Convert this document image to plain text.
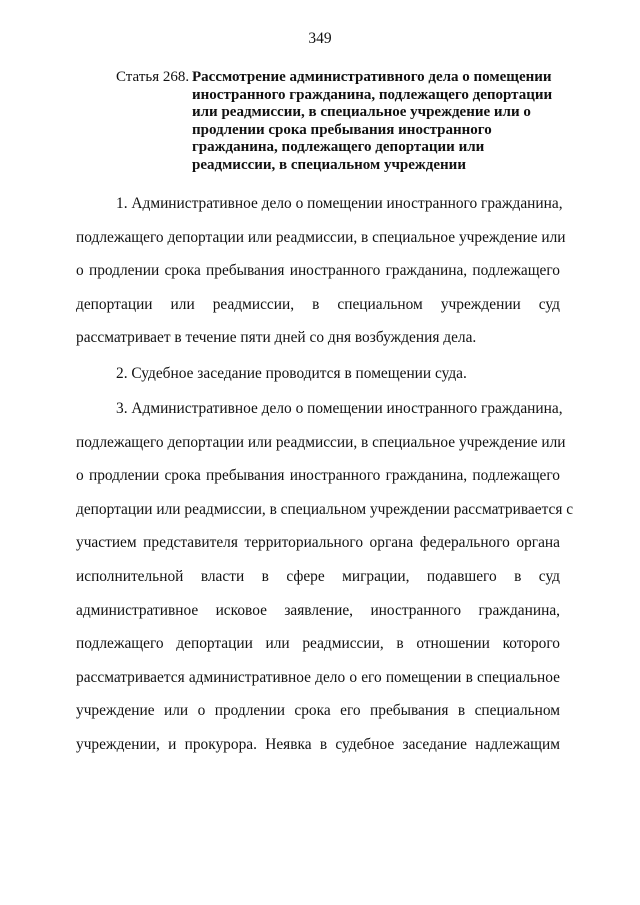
349
Статья 268. Рассмотрение административного дела о помещении
иностранного гражданина, подлежащего депортации
или реадмиссии, в специальное учреждение или о
продлении срока пребывания иностранного
гражданина, подлежащего депортации или
реадмиссии, в специальном учреждении
1. Административное дело о помещении иностранного гражданина,
подлежащего депортации или реадмиссии, в специальное учреждение или
о продлении срока пребывания иностранного гражданина, подлежащего
депортации или реадмиссии, в специальном учреждении суд
рассматривает в течение пяти дней со дня возбуждения дела.
2. Судебное заседание проводится в помещении суда.
3. Административное дело о помещении иностранного гражданина,
подлежащего депортации или реадмиссии, в специальное учреждение или
о продлении срока пребывания иностранного гражданина, подлежащего
депортации или реадмиссии, в специальном учреждении рассматривается с
участием представителя территориального органа федерального органа
исполнительной власти в сфере миграции, подавшего в суд
административное исковое заявление, иностранного гражданина,
подлежащего депортации или реадмиссии, в отношении которого
рассматривается административное дело о его помещении в специальное
учреждение или о продлении срока его пребывания в специальном
учреждении, и прокурора. Неявка в судебное заседание надлежащим
